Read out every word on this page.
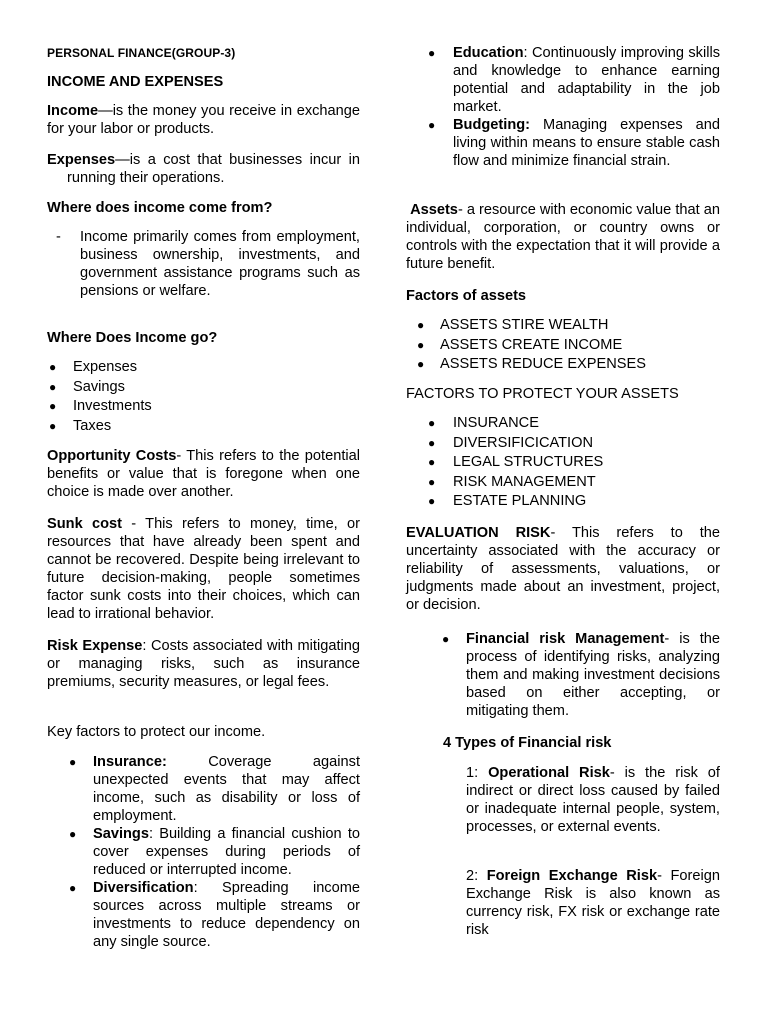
PERSONAL FINANCE(GROUP-3)

INCOME AND EXPENSES

Income—is the money you receive in exchange for your labor or products.

Expenses—is a cost that businesses incur in running their operations.

Where does income come from?

- Income primarily comes from employment, business ownership, investments, and government assistance programs such as pensions or welfare.

Where Does Income go?

● Expenses
● Savings
● Investments
● Taxes

Opportunity Costs- This refers to the potential benefits or value that is foregone when one choice is made over another.

Sunk cost - This refers to money, time, or resources that have already been spent and cannot be recovered. Despite being irrelevant to future decision-making, people sometimes factor sunk costs into their choices, which can lead to irrational behavior.

Risk Expense: Costs associated with mitigating or managing risks, such as insurance premiums, security measures, or legal fees.

Key factors to protect our income.

● Insurance: Coverage against unexpected events that may affect income, such as disability or loss of employment.

● Savings: Building a financial cushion to cover expenses during periods of reduced or interrupted income.

● Diversification: Spreading income sources across multiple streams or investments to reduce dependency on any single source.

● Education: Continuously improving skills and knowledge to enhance earning potential and adaptability in the job market.

● Budgeting: Managing expenses and living within means to ensure stable cash flow and minimize financial strain.

Assets- a resource with economic value that an individual, corporation, or country owns or controls with the expectation that it will provide a future benefit.

Factors of assets

● ASSETS STIRE WEALTH
● ASSETS CREATE INCOME
● ASSETS REDUCE EXPENSES

FACTORS TO PROTECT YOUR ASSETS

● INSURANCE
● DIVERSIFICICATION
● LEGAL STRUCTURES
● RISK MANAGEMENT
● ESTATE PLANNING

EVALUATION RISK- This refers to the uncertainty associated with the accuracy or reliability of assessments, valuations, or judgments made about an investment, project, or decision.

● Financial risk Management- is the process of identifying risks, analyzing them and making investment decisions based on either accepting, or mitigating them.

4 Types of Financial risk

1: Operational Risk- is the risk of indirect or direct loss caused by failed or inadequate internal people, system, processes, or external events.

2: Foreign Exchange Risk- Foreign Exchange Risk is also known as currency risk, FX risk or exchange rate risk
